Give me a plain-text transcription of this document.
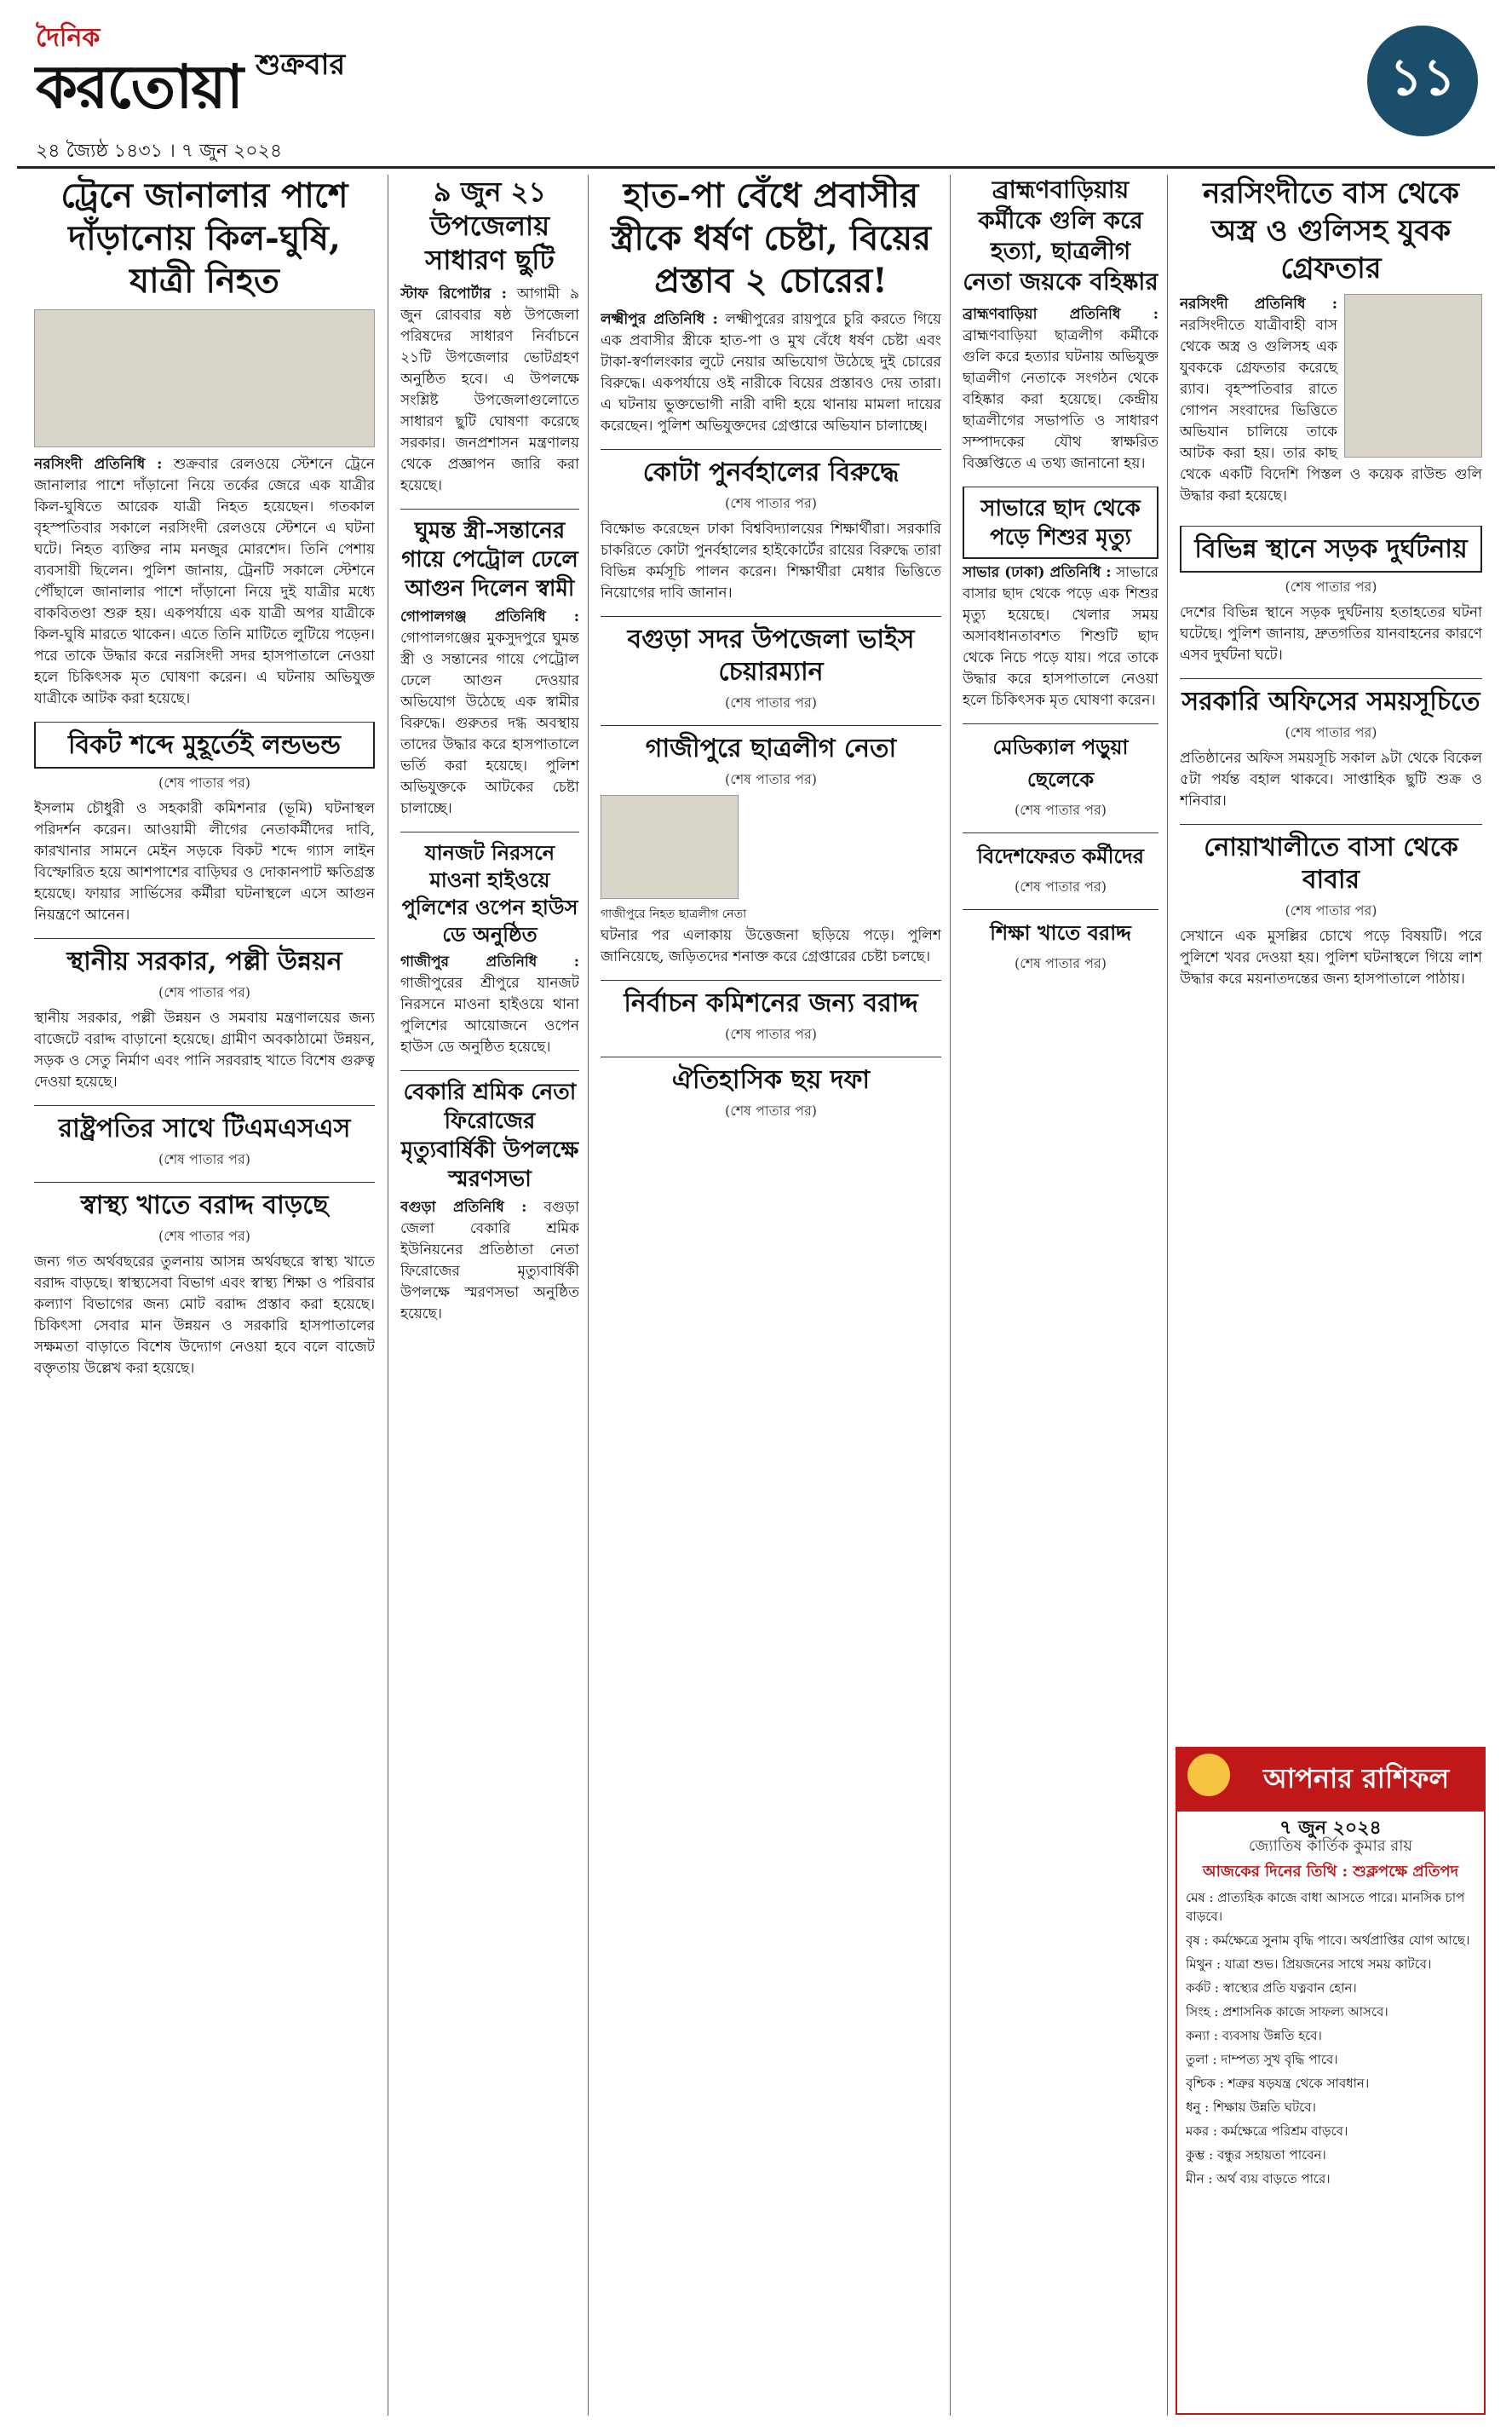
দৈনিক
করতোয়া শুক্রবার
২৪ জ্যৈষ্ঠ ১৪৩১ । ৭ জুন ২০২৪
১১
ট্রেনে জানালার পাশে দাঁড়ানোয় কিল-ঘুষি, যাত্রী নিহত

নরসিংদী প্রতিনিধি : শুক্রবার রেলওয়ে স্টেশনে ট্রেনে জানালার পাশে দাঁড়ানো নিয়ে তর্কের জেরে এক যাত্রীর কিল-ঘুষিতে আরেক যাত্রী নিহত হয়েছেন। গতকাল বৃহস্পতিবার সকালে নরসিংদী রেলওয়ে স্টেশনে এ ঘটনা ঘটে। নিহত ব্যক্তির নাম মনজুর মোরশেদ। তিনি পেশায় ব্যবসায়ী ছিলেন। পুলিশ জানায়, ট্রেনটি সকালে স্টেশনে পৌঁছালে জানালার পাশে দাঁড়ানো নিয়ে দুই যাত্রীর মধ্যে বাকবিতণ্ডা শুরু হয়। একপর্যায়ে এক যাত্রী অপর যাত্রীকে কিল-ঘুষি মারতে থাকেন। এতে তিনি মাটিতে লুটিয়ে পড়েন। পরে তাকে উদ্ধার করে নরসিংদী সদর হাসপাতালে নেওয়া হলে চিকিৎসক মৃত ঘোষণা করেন। এ ঘটনায় অভিযুক্ত যাত্রীকে আটক করা হয়েছে।

বিকট শব্দে মুহূর্তেই লন্ডভন্ড
(শেষ পাতার পর)

ইসলাম চৌধুরী ও সহকারী কমিশনার (ভূমি) ঘটনাস্থল পরিদর্শন করেন। আওয়ামী লীগের নেতাকর্মীদের দাবি, কারখানার সামনে মেইন সড়কে বিকট শব্দে গ্যাস লাইন বিস্ফোরিত হয়ে আশপাশের বাড়িঘর ও দোকানপাট ক্ষতিগ্রস্ত হয়েছে। ফায়ার সার্ভিসের কর্মীরা ঘটনাস্থলে এসে আগুন নিয়ন্ত্রণে আনেন।

স্থানীয় সরকার, পল্লী উন্নয়ন
(শেষ পাতার পর)

স্থানীয় সরকার, পল্লী উন্নয়ন ও সমবায় মন্ত্রণালয়ের জন্য বাজেটে বরাদ্দ বাড়ানো হয়েছে। গ্রামীণ অবকাঠামো উন্নয়ন, সড়ক ও সেতু নির্মাণ এবং পানি সরবরাহ খাতে বিশেষ গুরুত্ব দেওয়া হয়েছে।

রাষ্ট্রপতির সাথে টিএমএসএস
(শেষ পাতার পর)
স্বাস্থ্য খাতে বরাদ্দ বাড়ছে
(শেষ পাতার পর)

জন্য গত অর্থবছরের তুলনায় আসন্ন অর্থবছরে স্বাস্থ্য খাতে বরাদ্দ বাড়ছে। স্বাস্থ্যসেবা বিভাগ এবং স্বাস্থ্য শিক্ষা ও পরিবার কল্যাণ বিভাগের জন্য মোট বরাদ্দ প্রস্তাব করা হয়েছে। চিকিৎসা সেবার মান উন্নয়ন ও সরকারি হাসপাতালের সক্ষমতা বাড়াতে বিশেষ উদ্যোগ নেওয়া হবে বলে বাজেট বক্তৃতায় উল্লেখ করা হয়েছে।

৯ জুন ২১ উপজেলায় সাধারণ ছুটি

স্টাফ রিপোর্টার : আগামী ৯ জুন রোববার ষষ্ঠ উপজেলা পরিষদের সাধারণ নির্বাচনে ২১টি উপজেলার ভোটগ্রহণ অনুষ্ঠিত হবে। এ উপলক্ষে সংশ্লিষ্ট উপজেলাগুলোতে সাধারণ ছুটি ঘোষণা করেছে সরকার। জনপ্রশাসন মন্ত্রণালয় থেকে প্রজ্ঞাপন জারি করা হয়েছে।

ঘুমন্ত স্ত্রী-সন্তানের গায়ে পেট্রোল ঢেলে আগুন দিলেন স্বামী

গোপালগঞ্জ প্রতিনিধি : গোপালগঞ্জের মুকসুদপুরে ঘুমন্ত স্ত্রী ও সন্তানের গায়ে পেট্রোল ঢেলে আগুন দেওয়ার অভিযোগ উঠেছে এক স্বামীর বিরুদ্ধে। গুরুতর দগ্ধ অবস্থায় তাদের উদ্ধার করে হাসপাতালে ভর্তি করা হয়েছে। পুলিশ অভিযুক্তকে আটকের চেষ্টা চালাচ্ছে।

যানজট নিরসনে মাওনা হাইওয়ে পুলিশের ওপেন হাউস ডে অনুষ্ঠিত

গাজীপুর প্রতিনিধি : গাজীপুরের শ্রীপুরে যানজট নিরসনে মাওনা হাইওয়ে থানা পুলিশের আয়োজনে ওপেন হাউস ডে অনুষ্ঠিত হয়েছে।

বেকারি শ্রমিক নেতা ফিরোজের মৃত্যুবার্ষিকী উপলক্ষে স্মরণসভা

বগুড়া প্রতিনিধি : বগুড়া জেলা বেকারি শ্রমিক ইউনিয়নের প্রতিষ্ঠাতা নেতা ফিরোজের মৃত্যুবার্ষিকী উপলক্ষে স্মরণসভা অনুষ্ঠিত হয়েছে।

হাত-পা বেঁধে প্রবাসীর স্ত্রীকে ধর্ষণ চেষ্টা, বিয়ের প্রস্তাব ২ চোরের!

লক্ষ্মীপুর প্রতিনিধি : লক্ষ্মীপুরের রায়পুরে চুরি করতে গিয়ে এক প্রবাসীর স্ত্রীকে হাত-পা ও মুখ বেঁধে ধর্ষণ চেষ্টা এবং টাকা-স্বর্ণালংকার লুটে নেয়ার অভিযোগ উঠেছে দুই চোরের বিরুদ্ধে। একপর্যায়ে ওই নারীকে বিয়ের প্রস্তাবও দেয় তারা। এ ঘটনায় ভুক্তভোগী নারী বাদী হয়ে থানায় মামলা দায়ের করেছেন। পুলিশ অভিযুক্তদের গ্রেপ্তারে অভিযান চালাচ্ছে।

কোটা পুনর্বহালের বিরুদ্ধে
(শেষ পাতার পর)

বিক্ষোভ করেছেন ঢাকা বিশ্ববিদ্যালয়ের শিক্ষার্থীরা। সরকারি চাকরিতে কোটা পুনর্বহালের হাইকোর্টের রায়ের বিরুদ্ধে তারা বিভিন্ন কর্মসূচি পালন করেন। শিক্ষার্থীরা মেধার ভিত্তিতে নিয়োগের দাবি জানান।

বগুড়া সদর উপজেলা ভাইস চেয়ারম্যান
(শেষ পাতার পর)
গাজীপুরে ছাত্রলীগ নেতা
(শেষ পাতার পর)
গাজীপুরে নিহত ছাত্রলীগ নেতা

ঘটনার পর এলাকায় উত্তেজনা ছড়িয়ে পড়ে। পুলিশ জানিয়েছে, জড়িতদের শনাক্ত করে গ্রেপ্তারের চেষ্টা চলছে।

নির্বাচন কমিশনের জন্য বরাদ্দ
(শেষ পাতার পর)
ঐতিহাসিক ছয় দফা
(শেষ পাতার পর)
ব্রাহ্মণবাড়িয়ায় কর্মীকে গুলি করে হত্যা, ছাত্রলীগ নেতা জয়কে বহিষ্কার

ব্রাহ্মণবাড়িয়া প্রতিনিধি : ব্রাহ্মণবাড়িয়া ছাত্রলীগ কর্মীকে গুলি করে হত্যার ঘটনায় অভিযুক্ত ছাত্রলীগ নেতাকে সংগঠন থেকে বহিষ্কার করা হয়েছে। কেন্দ্রীয় ছাত্রলীগের সভাপতি ও সাধারণ সম্পাদকের যৌথ স্বাক্ষরিত বিজ্ঞপ্তিতে এ তথ্য জানানো হয়।

সাভারে ছাদ থেকে পড়ে শিশুর মৃত্যু

সাভার (ঢাকা) প্রতিনিধি : সাভারে বাসার ছাদ থেকে পড়ে এক শিশুর মৃত্যু হয়েছে। খেলার সময় অসাবধানতাবশত শিশুটি ছাদ থেকে নিচে পড়ে যায়। পরে তাকে উদ্ধার করে হাসপাতালে নেওয়া হলে চিকিৎসক মৃত ঘোষণা করেন।

মেডিক্যাল পড়ুয়া ছেলেকে
(শেষ পাতার পর)
বিদেশফেরত কর্মীদের
(শেষ পাতার পর)
শিক্ষা খাতে বরাদ্দ
(শেষ পাতার পর)
নরসিংদীতে বাস থেকে অস্ত্র ও গুলিসহ যুবক গ্রেফতার

নরসিংদী প্রতিনিধি : নরসিংদীতে যাত্রীবাহী বাস থেকে অস্ত্র ও গুলিসহ এক যুবককে গ্রেফতার করেছে র‌্যাব। বৃহস্পতিবার রাতে গোপন সংবাদের ভিত্তিতে অভিযান চালিয়ে তাকে আটক করা হয়। তার কাছ থেকে একটি বিদেশি পিস্তল ও কয়েক রাউন্ড গুলি উদ্ধার করা হয়েছে।

বিভিন্ন স্থানে সড়ক দুর্ঘটনায়
(শেষ পাতার পর)

দেশের বিভিন্ন স্থানে সড়ক দুর্ঘটনায় হতাহতের ঘটনা ঘটেছে। পুলিশ জানায়, দ্রুতগতির যানবাহনের কারণে এসব দুর্ঘটনা ঘটে।

সরকারি অফিসের সময়সূচিতে
(শেষ পাতার পর)

প্রতিষ্ঠানের অফিস সময়সূচি সকাল ৯টা থেকে বিকেল ৫টা পর্যন্ত বহাল থাকবে। সাপ্তাহিক ছুটি শুক্র ও শনিবার।

নোয়াখালীতে বাসা থেকে বাবার
(শেষ পাতার পর)

সেখানে এক মুসল্লির চোখে পড়ে বিষয়টি। পরে পুলিশে খবর দেওয়া হয়। পুলিশ ঘটনাস্থলে গিয়ে লাশ উদ্ধার করে ময়নাতদন্তের জন্য হাসপাতালে পাঠায়।

আপনার রাশিফল
৭ জুন ২০২৪
জ্যোতিষ কার্তিক কুমার রায়
আজকের দিনের তিথি : শুক্লপক্ষে প্রতিপদ
মেষ : প্রাত্যহিক কাজে বাধা আসতে পারে। মানসিক চাপ বাড়বে।
বৃষ : কর্মক্ষেত্রে সুনাম বৃদ্ধি পাবে। অর্থপ্রাপ্তির যোগ আছে।
মিথুন : যাত্রা শুভ। প্রিয়জনের সাথে সময় কাটবে।
কর্কট : স্বাস্থ্যের প্রতি যত্নবান হোন।
সিংহ : প্রশাসনিক কাজে সাফল্য আসবে।
কন্যা : ব্যবসায় উন্নতি হবে।
তুলা : দাম্পত্য সুখ বৃদ্ধি পাবে।
বৃশ্চিক : শত্রুর ষড়যন্ত্র থেকে সাবধান।
ধনু : শিক্ষায় উন্নতি ঘটবে।
মকর : কর্মক্ষেত্রে পরিশ্রম বাড়বে।
কুম্ভ : বন্ধুর সহায়তা পাবেন।
মীন : অর্থ ব্যয় বাড়তে পারে।
